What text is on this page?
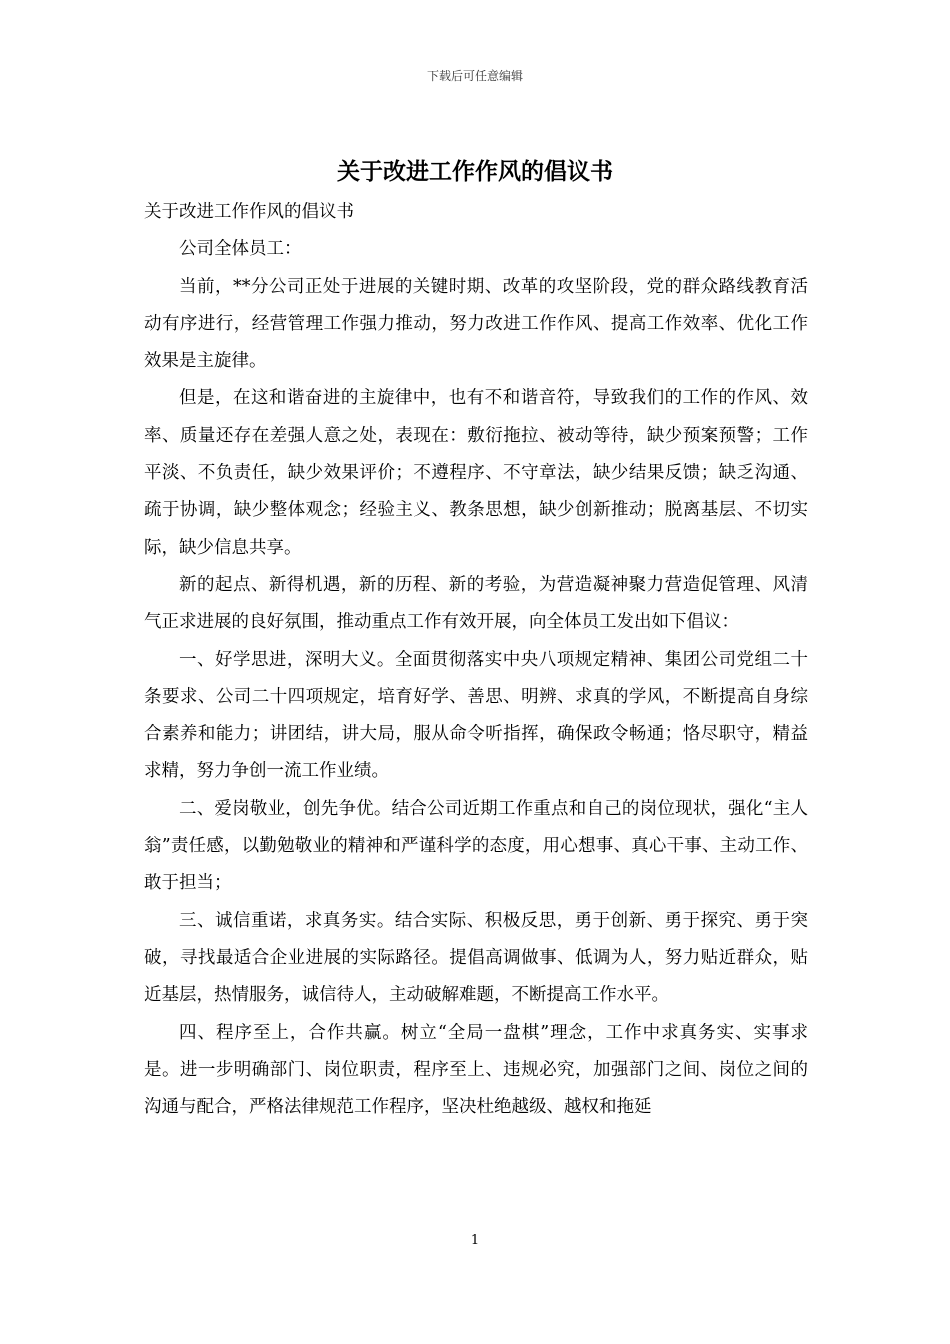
下载后可任意编辑
关于改进工作作风的倡议书

关于改进工作作风的倡议书

公司全体员工：

当前，**分公司正处于进展的关键时期、改革的攻坚阶段，党的群众路线教育活动有序进行，经营管理工作强力推动，努力改进工作作风、提高工作效率、优化工作效果是主旋律。

但是，在这和谐奋进的主旋律中，也有不和谐音符，导致我们的工作的作风、效率、质量还存在差强人意之处，表现在：敷衍拖拉、被动等待，缺少预案预警；工作平淡、不负责任，缺少效果评价；不遵程序、不守章法，缺少结果反馈；缺乏沟通、疏于协调，缺少整体观念；经验主义、教条思想，缺少创新推动；脱离基层、不切实际，缺少信息共享。

新的起点、新得机遇，新的历程、新的考验，为营造凝神聚力营造促管理、风清气正求进展的良好氛围，推动重点工作有效开展，向全体员工发出如下倡议：

一、好学思进，深明大义。全面贯彻落实中央八项规定精神、集团公司党组二十条要求、公司二十四项规定，培育好学、善思、明辨、求真的学风，不断提高自身综合素养和能力；讲团结，讲大局，服从命令听指挥，确保政令畅通；恪尽职守，精益求精，努力争创一流工作业绩。

二、爱岗敬业，创先争优。结合公司近期工作重点和自己的岗位现状，强化“主人翁”责任感，以勤勉敬业的精神和严谨科学的态度，用心想事、真心干事、主动工作、敢于担当；

三、诚信重诺，求真务实。结合实际、积极反思，勇于创新、勇于探究、勇于突破，寻找最适合企业进展的实际路径。提倡高调做事、低调为人，努力贴近群众，贴近基层，热情服务，诚信待人，主动破解难题，不断提高工作水平。

四、程序至上，合作共赢。树立“全局一盘棋”理念，工作中求真务实、实事求是。进一步明确部门、岗位职责，程序至上、违规必究，加强部门之间、岗位之间的沟通与配合，严格法律规范工作程序，坚决杜绝越级、越权和拖延

1
